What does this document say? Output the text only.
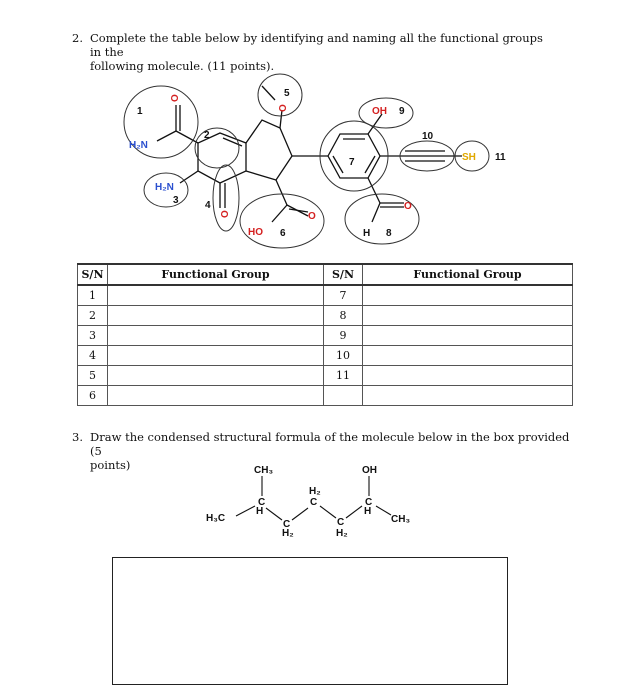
2. Complete the table below by identifying and naming all the functional groups in the
following molecule. (11 points).
1
2
3	4
5
6
7
8
9
10
11
H₂N
H₂N
O
O
O
HO
O
OH
H
O
SH
S/N	Functional Group	S/N	Functional Group
1		7	
2		8	
3		9	
4		10	
5		11	
6			
3. Draw the condensed structural formula of the molecule below in the box provided (5
points)	CH₃	OH
H₃C
C
H
C
H₂
H₂
C
C
H₂
C
H
CH₃
